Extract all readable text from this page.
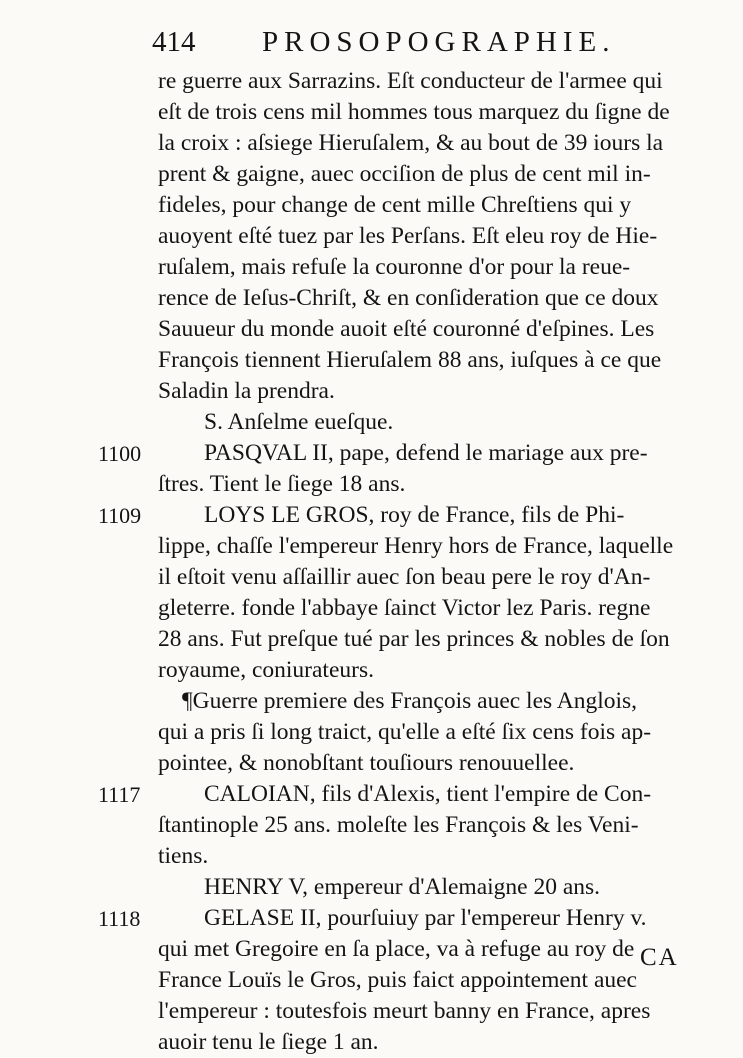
414 PROSOPOGRAPHIE.
re guerre aux Sarrazins. Eſt conducteur de l'armee qui
eſt de trois cens mil hommes tous marquez du ſigne de
la croix : aſsiege Hieruſalem, & au bout de 39 iours la
prent & gaigne, auec occiſion de plus de cent mil in-
fideles, pour change de cent mille Chreſtiens qui y
auoyent eſté tuez par les Perſans. Eſt eleu roy de Hie-
ruſalem, mais refuſe la couronne d'or pour la reue-
rence de Ieſus-Chriſt, & en conſideration que ce doux
Sauueur du monde auoit eſté couronné d'eſpines. Les
François tiennent Hieruſalem 88 ans, iuſques à ce que
Saladin la prendra.
S. Anſelme eueſque.
PASQVAL II, pape, defend le mariage aux pre-
1100
ſtres. Tient le ſiege 18 ans.
LOYS LE GROS, roy de France, fils de Phi-
1109
lippe, chaſſe l'empereur Henry hors de France, laquelle
il eſtoit venu aſſaillir auec ſon beau pere le roy d'An-
gleterre. fonde l'abbaye ſainct Victor lez Paris. regne
28 ans. Fut preſque tué par les princes & nobles de ſon
royaume, coniurateurs.
¶Guerre premiere des François auec les Anglois,
qui a pris ſi long traict, qu'elle a eſté ſix cens fois ap-
pointee, & nonobſtant touſiours renouuellee.
CALOIAN, fils d'Alexis, tient l'empire de Con-
1117
ſtantinople 25 ans. moleſte les François & les Veni-
tiens.
HENRY V, empereur d'Alemaigne 20 ans.
GELASE II, pourſuiuy par l'empereur Henry v.
1118
qui met Gregoire en ſa place, va à refuge au roy de
France Louïs le Gros, puis faict appointement auec
l'empereur : toutesfois meurt banny en France, apres
auoir tenu le ſiege 1 an.
CA
